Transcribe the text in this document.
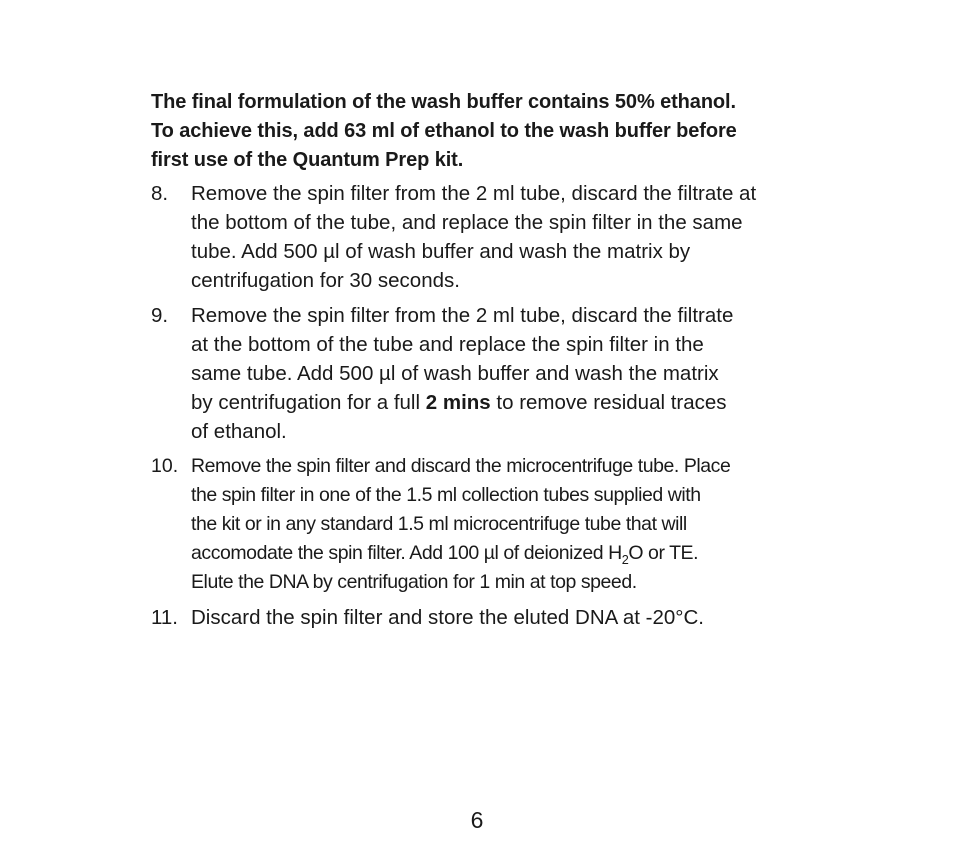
The final formulation of the wash buffer contains 50% ethanol.
To achieve this, add 63 ml of ethanol to the wash buffer before
first use of the Quantum Prep kit.
8.	Remove the spin filter from the 2 ml tube, discard the filtrate at
the bottom of the tube, and replace the spin filter in the same
tube. Add 500 µl of wash buffer and wash the matrix by
centrifugation for 30 seconds.
9.	Remove the spin filter from the 2 ml tube, discard the filtrate
at the bottom of the tube and replace the spin filter in the
same tube. Add 500 µl of wash buffer and wash the matrix
by centrifugation for a full 2 mins to remove residual traces
of ethanol.
10. Remove the spin filter and discard the microcentrifuge tube. Place
the spin filter in one of the 1.5 ml collection tubes supplied with
the kit or in any standard 1.5 ml microcentrifuge tube that will
accomodate the spin filter. Add 100 µl of deionized $H_2O$ or TE.
Elute the DNA by centrifugation for 1 min at top speed.
11. Discard the spin filter and store the eluted DNA at -20°C.
6
